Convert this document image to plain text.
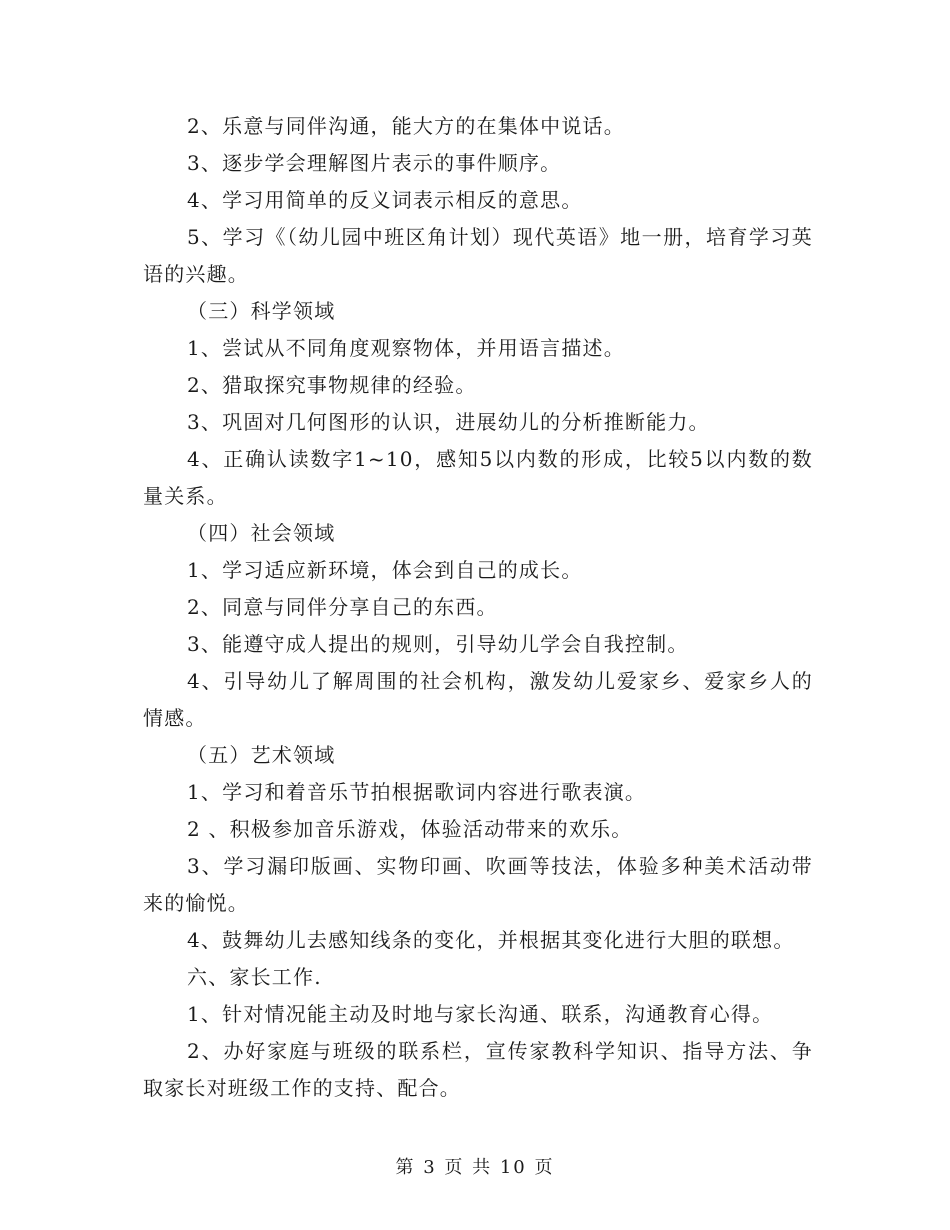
2、乐意与同伴沟通，能大方的在集体中说话。

3、逐步学会理解图片表示的事件顺序。

4、学习用简单的反义词表示相反的意思。

5、学习《（幼儿园中班区角计划）现代英语》地一册，培育学习英语的兴趣。

（三）科学领域

1、尝试从不同角度观察物体，并用语言描述。

2、猎取探究事物规律的经验。

3、巩固对几何图形的认识，进展幼儿的分析推断能力。

4、正确认读数字1~10，感知5以内数的形成，比较5以内数的数量关系。

（四）社会领域

1、学习适应新环境，体会到自己的成长。

2、同意与同伴分享自己的东西。

3、能遵守成人提出的规则，引导幼儿学会自我控制。

4、引导幼儿了解周围的社会机构，激发幼儿爱家乡、爱家乡人的情感。

（五）艺术领域

1、学习和着音乐节拍根据歌词内容进行歌表演。

2 、积极参加音乐游戏，体验活动带来的欢乐。

3、学习漏印版画、实物印画、吹画等技法，体验多种美术活动带来的愉悦。

4、鼓舞幼儿去感知线条的变化，并根据其变化进行大胆的联想。

六、家长工作.

1、针对情况能主动及时地与家长沟通、联系，沟通教育心得。

2、办好家庭与班级的联系栏，宣传家教科学知识、指导方法、争取家长对班级工作的支持、配合。

第 3 页 共 10 页
